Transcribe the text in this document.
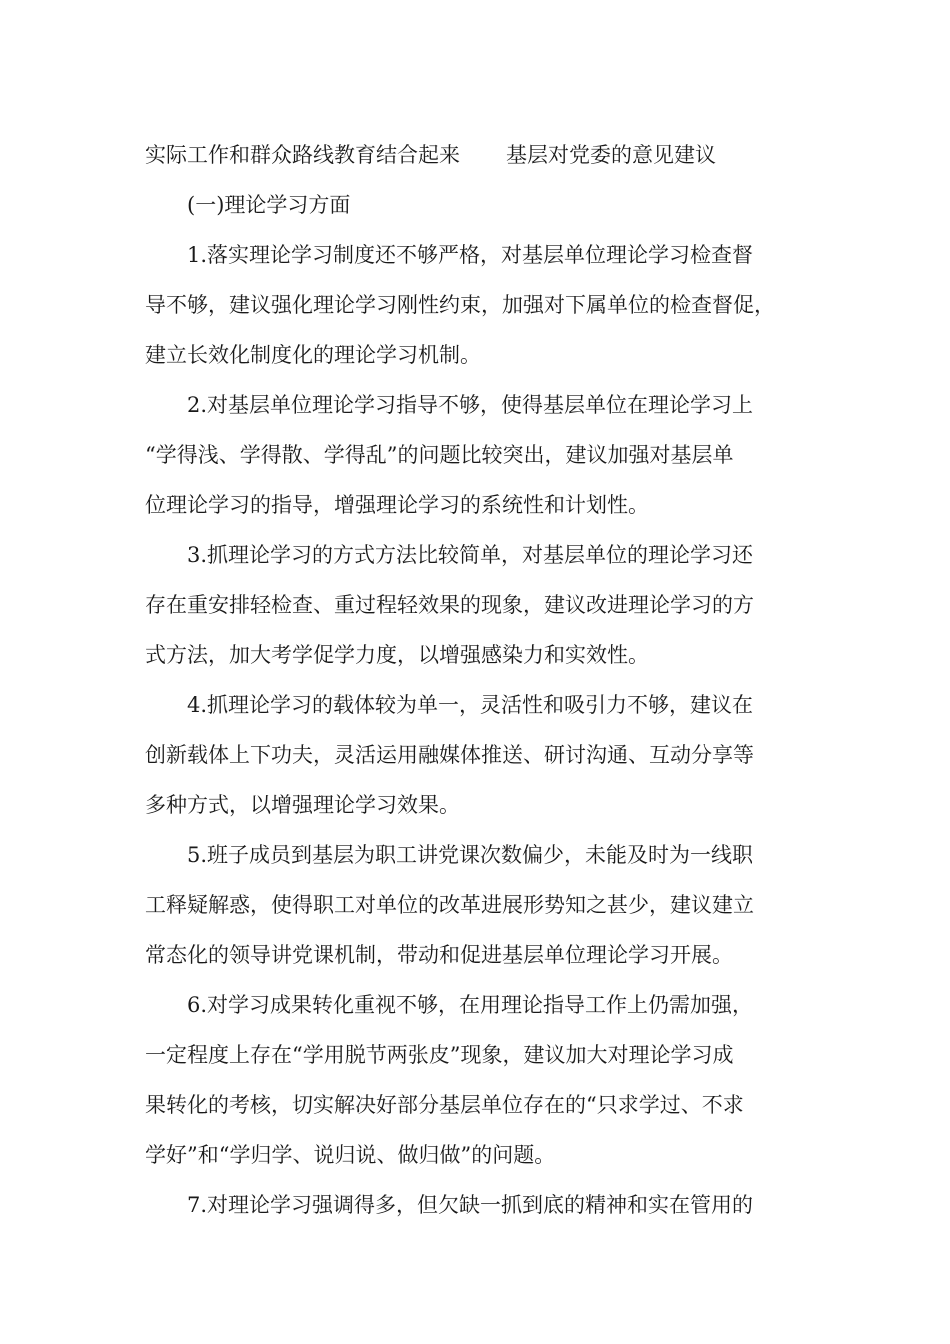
实际工作和群众路线教育结合起来 基层对党委的意见建议
(一)理论学习方面
1.落实理论学习制度还不够严格，对基层单位理论学习检查督
导不够，建议强化理论学习刚性约束，加强对下属单位的检查督促，
建立长效化制度化的理论学习机制。
2.对基层单位理论学习指导不够，使得基层单位在理论学习上
“学得浅、学得散、学得乱”的问题比较突出，建议加强对基层单
位理论学习的指导，增强理论学习的系统性和计划性。
3.抓理论学习的方式方法比较简单，对基层单位的理论学习还
存在重安排轻检查、重过程轻效果的现象，建议改进理论学习的方
式方法，加大考学促学力度，以增强感染力和实效性。
4.抓理论学习的载体较为单一，灵活性和吸引力不够，建议在
创新载体上下功夫，灵活运用融媒体推送、研讨沟通、互动分享等
多种方式，以增强理论学习效果。
5.班子成员到基层为职工讲党课次数偏少，未能及时为一线职
工释疑解惑，使得职工对单位的改革进展形势知之甚少，建议建立
常态化的领导讲党课机制，带动和促进基层单位理论学习开展。
6.对学习成果转化重视不够，在用理论指导工作上仍需加强，
一定程度上存在“学用脱节两张皮”现象，建议加大对理论学习成
果转化的考核，切实解决好部分基层单位存在的“只求学过、不求
学好”和“学归学、说归说、做归做”的问题。
7.对理论学习强调得多，但欠缺一抓到底的精神和实在管用的
